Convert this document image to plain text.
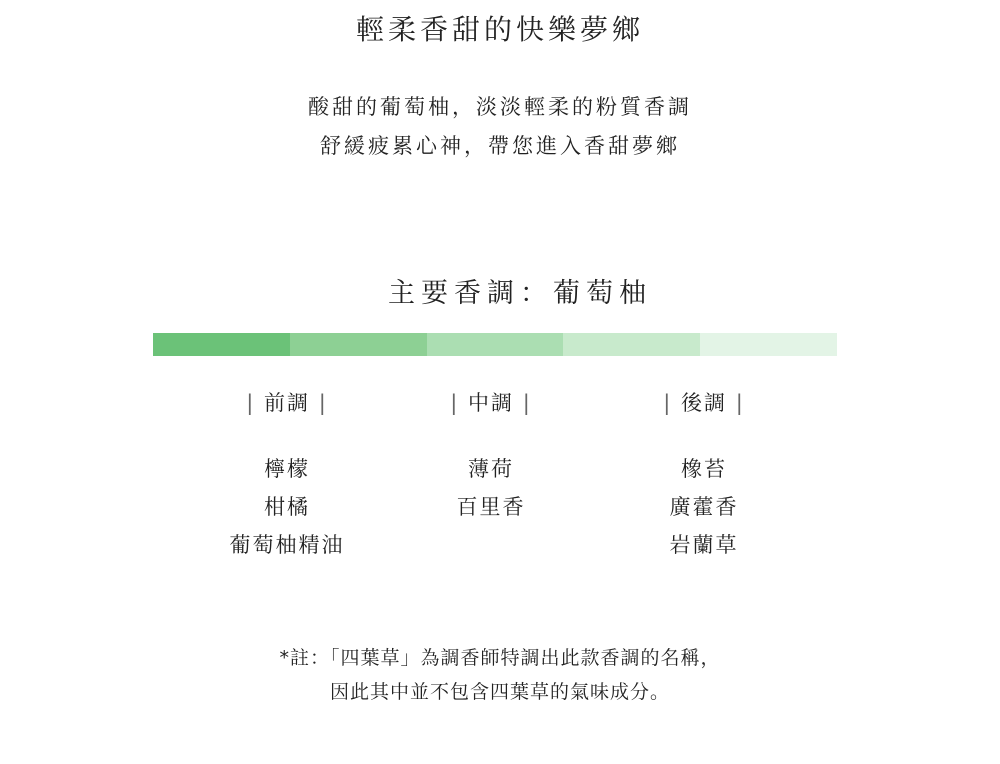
輕柔香甜的快樂夢鄉
酸甜的葡萄柚，淡淡輕柔的粉質香調
舒緩疲累心神，帶您進入香甜夢鄉
主要香調：葡萄柚
| 前調 |
檸檬
柑橘
葡萄柚精油
| 中調 |
薄荷
百里香
| 後調 |
橡苔
廣藿香
岩蘭草
*註：「四葉草」為調香師特調出此款香調的名稱，
因此其中並不包含四葉草的氣味成分。
